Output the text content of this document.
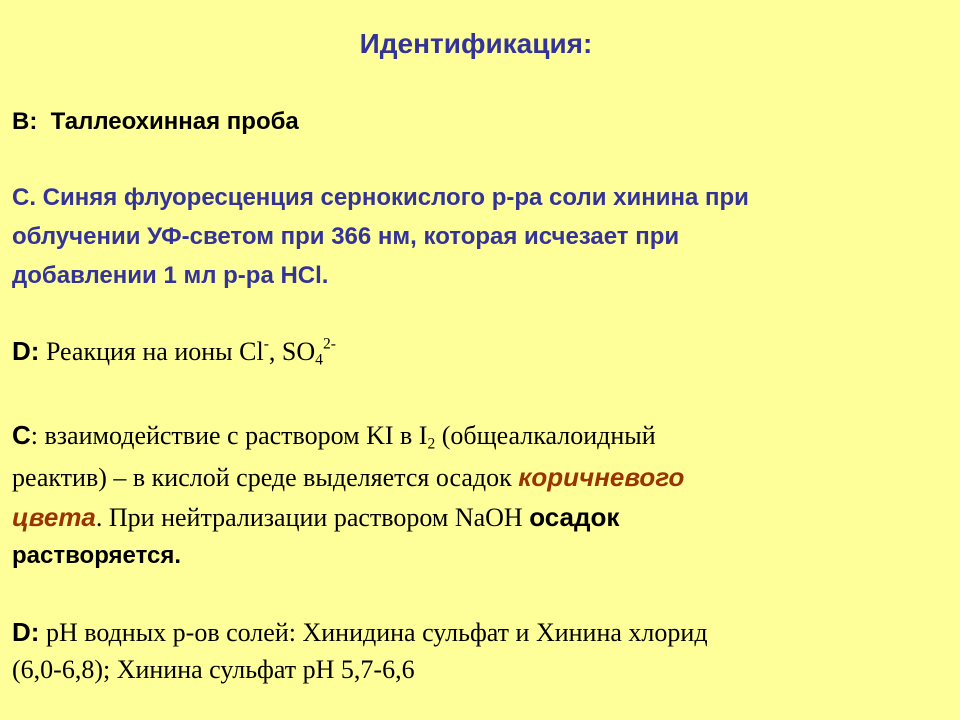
Идентификация:
В: Таллеохинная проба
С. Синяя флуоресценция сернокислого р-ра соли хинина при
облучении УФ-светом при 366 нм, которая исчезает при
добавлении 1 мл р-ра HCl.
D: Реакция на ионы Cl-, $SO_4^{2-}$
C: взаимодействие с раствором KI в $I_2$ (общеалкалоидный
реактив) – в кислой среде выделяется осадок коричневого
цвета. При нейтрализации раствором NaOH осадок
растворяется.
D: pH водных р-ов солей: Хинидина сульфат и Хинина хлорид
(6,0-6,8); Хинина сульфат pH 5,7-6,6
